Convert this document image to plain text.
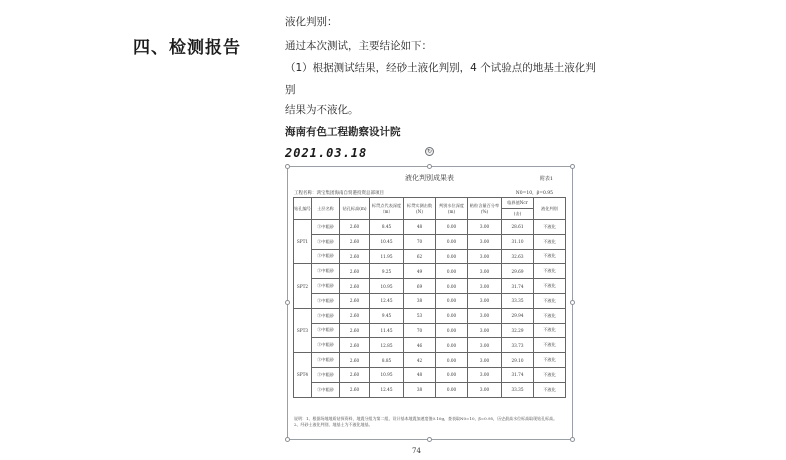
四、检测报告
液化判别：
通过本次测试，主要结论如下：
（1）根据测试结果，经砂土液化判别，4 个试验点的地基土液化判
别
结果为不液化。
海南有色工程勘察设计院
2021.03.18	↻
液化判别成果表	附表1
工程名称：鸿宝集团海南自贸港投资总部项目	N0=10，β=0.95
钻孔编号	土层名称	钻孔标高(m)	标贯点代表深度（m）	标贯实测击数(N)	判别水位深度(m)	粘粒含量百分率(%)	临界值Ncr	液化判别
							(击)	
SPT1	③中粗砂	2.60	8.45	48	0.00	3.00	28.61	不液化
	③中粗砂	2.60	10.45	70	0.00	3.00	31.10	不液化
	③中粗砂	2.60	11.95	62	0.00	3.00	32.63	不液化
SPT2	③中粗砂	2.60	9.25	49	0.00	3.00	29.69	不液化
	③中粗砂	2.60	10.95	69	0.00	3.00	31.74	不液化
	③中粗砂	2.60	12.45	38	0.00	3.00	33.35	不液化
SPT3	③中粗砂	2.60	9.45	53	0.00	3.00	29.94	不液化
	③中粗砂	2.60	11.45	70	0.00	3.00	32.29	不液化
	③中粗砂	2.60	12.85	46	0.00	3.00	33.73	不液化
SPT4	③中粗砂	2.60	8.85	42	0.00	3.00	29.10	不液化
	③中粗砂	2.60	10.95	48	0.00	3.00	31.74	不液化
	③中粗砂	2.60	12.45	38	0.00	3.00	33.35	不液化
说明：1、根据场地地质钻探资料，地震分组为第二组，设计基本地震加速度值0.10g，查表取N0=10，β=0.95，历史最高水位标高取现钻孔标高。 2、经砂土液化判别，地基土为不液化地基。
74
